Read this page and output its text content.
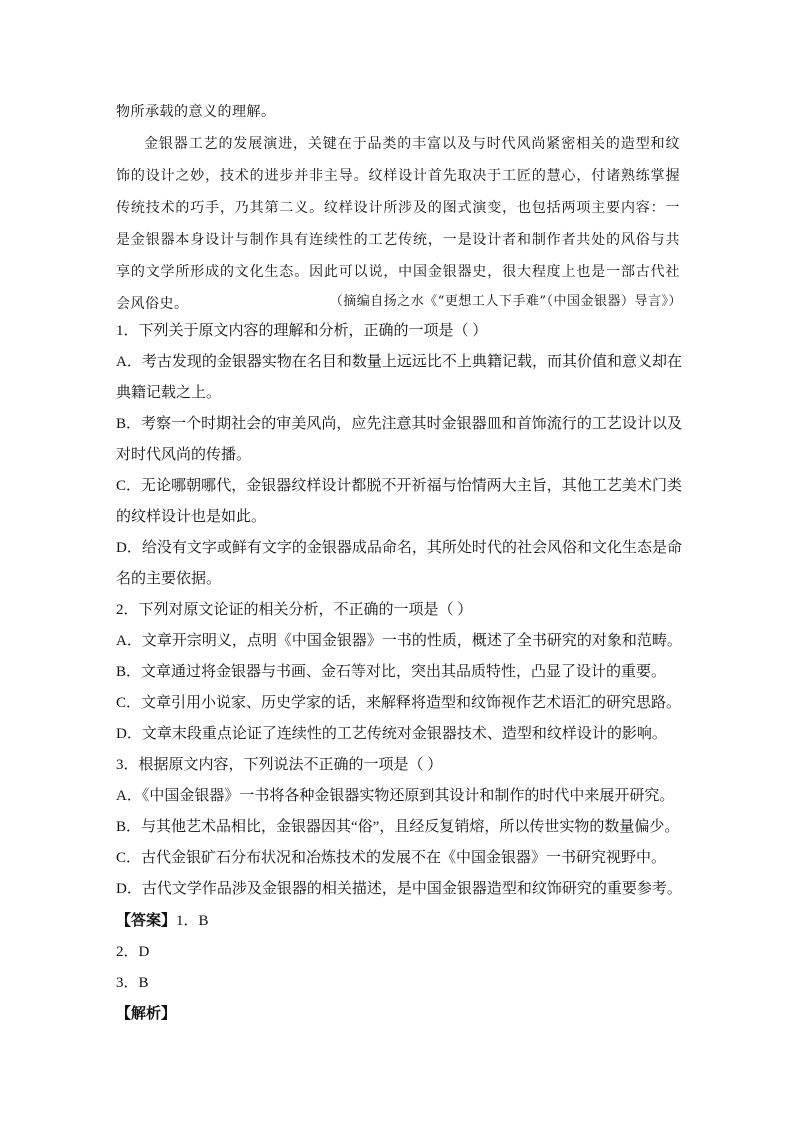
物所承载的意义的理解。

金银器工艺的发展演进，关键在于品类的丰富以及与时代风尚紧密相关的造型和纹饰的设计之妙，技术的进步并非主导。纹样设计首先取决于工匠的慧心，付诸熟练掌握传统技术的巧手，乃其第二义。纹样设计所涉及的图式演变，也包括两项主要内容：一是金银器本身设计与制作具有连续性的工艺传统，一是设计者和制作者共处的风俗与共享的文学所形成的文化生态。因此可以说，中国金银器史，很大程度上也是一部古代社会风俗史。	（摘编自扬之水《“更想工人下手难”（中国金银器）导言》）

1．下列关于原文内容的理解和分析，正确的一项是（ ）

A．考古发现的金银器实物在名目和数量上远远比不上典籍记载，而其价值和意义却在典籍记载之上。

B．考察一个时期社会的审美风尚，应先注意其时金银器皿和首饰流行的工艺设计以及对时代风尚的传播。

C．无论哪朝哪代，金银器纹样设计都脱不开祈福与怡情两大主旨，其他工艺美术门类的纹样设计也是如此。

D．给没有文字或鲜有文字的金银器成品命名，其所处时代的社会风俗和文化生态是命名的主要依据。

2．下列对原文论证的相关分析，不正确的一项是（ ）

A．文章开宗明义，点明《中国金银器》一书的性质，概述了全书研究的对象和范畴。

B．文章通过将金银器与书画、金石等对比，突出其品质特性，凸显了设计的重要。

C．文章引用小说家、历史学家的话，来解释将造型和纹饰视作艺术语汇的研究思路。

D．文章末段重点论证了连续性的工艺传统对金银器技术、造型和纹样设计的影响。

3．根据原文内容，下列说法不正确的一项是（ ）

A．《中国金银器》一书将各种金银器实物还原到其设计和制作的时代中来展开研究。

B．与其他艺术品相比，金银器因其“俗”，且经反复销熔，所以传世实物的数量偏少。

C．古代金银矿石分布状况和冶炼技术的发展不在《中国金银器》一书研究视野中。

D．古代文学作品涉及金银器的相关描述，是中国金银器造型和纹饰研究的重要参考。

【答案】1．B

2．D

3．B

【解析】
